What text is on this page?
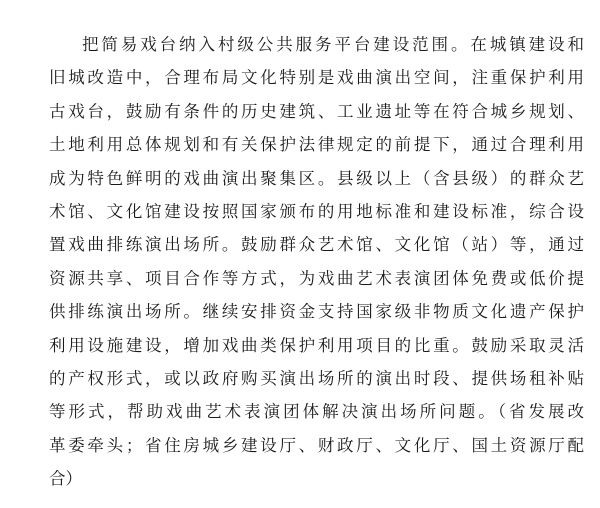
把简易戏台纳入村级公共服务平台建设范围。在城镇建设和
旧城改造中，合理布局文化特别是戏曲演出空间，注重保护利用
古戏台，鼓励有条件的历史建筑、工业遗址等在符合城乡规划、
土地利用总体规划和有关保护法律规定的前提下，通过合理利用
成为特色鲜明的戏曲演出聚集区。县级以上（含县级）的群众艺
术馆、文化馆建设按照国家颁布的用地标准和建设标准，综合设
置戏曲排练演出场所。鼓励群众艺术馆、文化馆（站）等，通过
资源共享、项目合作等方式，为戏曲艺术表演团体免费或低价提
供排练演出场所。继续安排资金支持国家级非物质文化遗产保护
利用设施建设，增加戏曲类保护利用项目的比重。鼓励采取灵活
的产权形式，或以政府购买演出场所的演出时段、提供场租补贴
等形式，帮助戏曲艺术表演团体解决演出场所问题。（省发展改
革委牵头；省住房城乡建设厅、财政厅、文化厅、国土资源厅配
合）
